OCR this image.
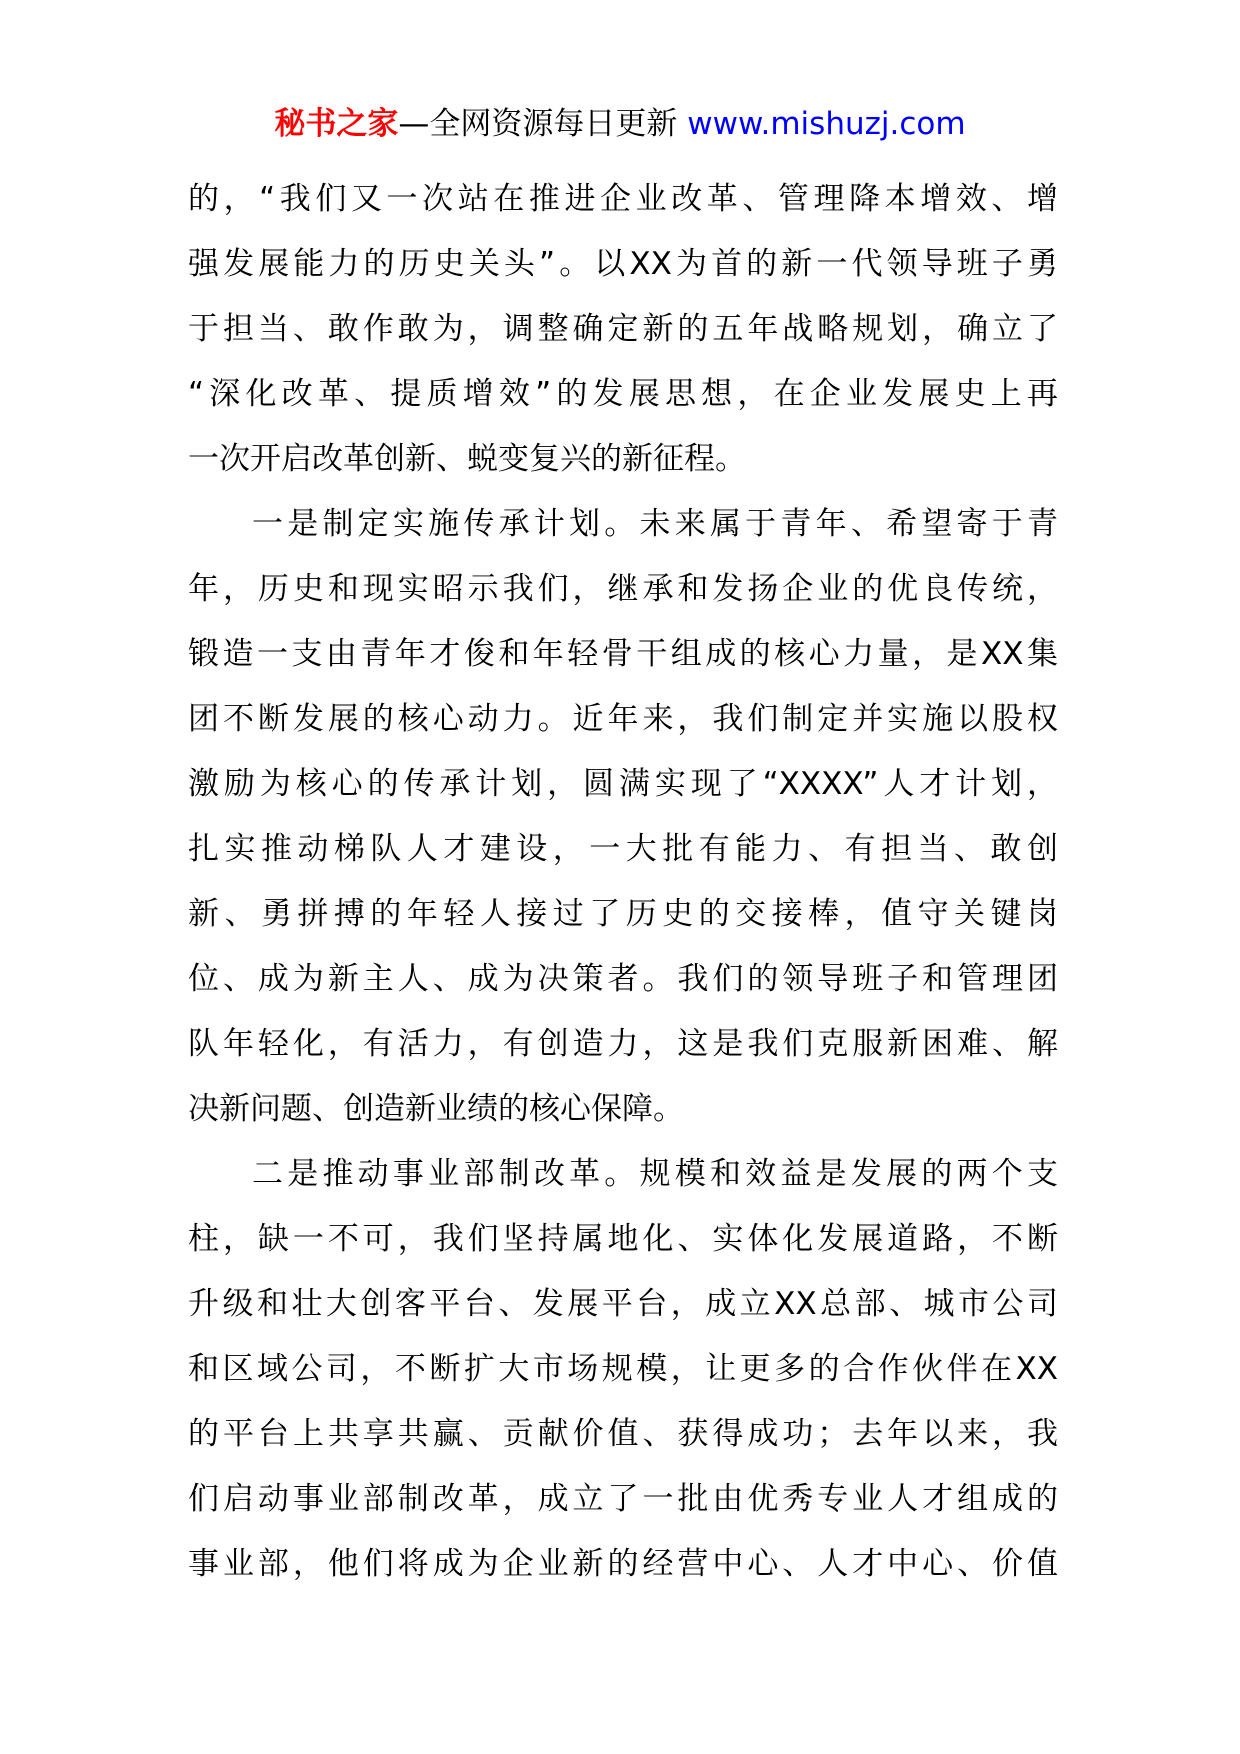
秘书之家—全网资源每日更新 www.mishuzj.com
的，“我们又一次站在推进企业改革、管理降本增效、增
强发展能力的历史关头”。以XX为首的新一代领导班子勇
于担当、敢作敢为，调整确定新的五年战略规划，确立了
“深化改革、提质增效”的发展思想，在企业发展史上再
一次开启改革创新、蜕变复兴的新征程。
一是制定实施传承计划。未来属于青年、希望寄于青
年，历史和现实昭示我们，继承和发扬企业的优良传统，
锻造一支由青年才俊和年轻骨干组成的核心力量，是XX集
团不断发展的核心动力。近年来，我们制定并实施以股权
激励为核心的传承计划，圆满实现了“XXXX”人才计划，
扎实推动梯队人才建设，一大批有能力、有担当、敢创
新、勇拼搏的年轻人接过了历史的交接棒，值守关键岗
位、成为新主人、成为决策者。我们的领导班子和管理团
队年轻化，有活力，有创造力，这是我们克服新困难、解
决新问题、创造新业绩的核心保障。
二是推动事业部制改革。规模和效益是发展的两个支
柱，缺一不可，我们坚持属地化、实体化发展道路，不断
升级和壮大创客平台、发展平台，成立XX总部、城市公司
和区域公司，不断扩大市场规模，让更多的合作伙伴在XX
的平台上共享共赢、贡献价值、获得成功；去年以来，我
们启动事业部制改革，成立了一批由优秀专业人才组成的
事业部，他们将成为企业新的经营中心、人才中心、价值
